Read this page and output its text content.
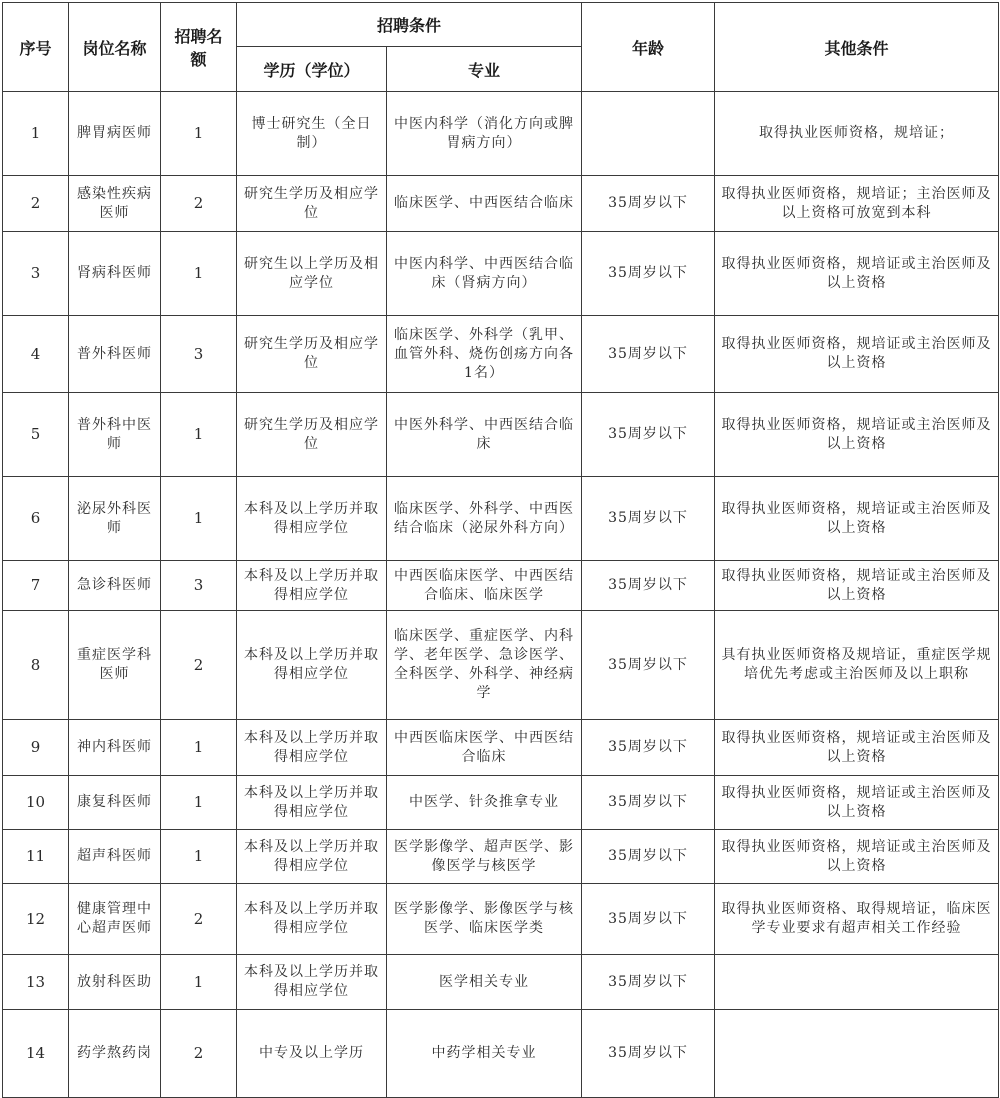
序号	岗位名称	招聘名额	招聘条件		年龄	其他条件
			学历（学位）	专业		
1	脾胃病医师	1	博士研究生（全日制）	中医内科学（消化方向或脾胃病方向）		取得执业医师资格，规培证；
2	感染性疾病医师	2	研究生学历及相应学位	临床医学、中西医结合临床	35周岁以下	取得执业医师资格，规培证；主治医师及以上资格可放宽到本科
3	肾病科医师	1	研究生以上学历及相应学位	中医内科学、中西医结合临床（肾病方向）	35周岁以下	取得执业医师资格，规培证或主治医师及以上资格
4	普外科医师	3	研究生学历及相应学位	临床医学、外科学（乳甲、血管外科、烧伤创疡方向各1名）	35周岁以下	取得执业医师资格，规培证或主治医师及以上资格
5	普外科中医师	1	研究生学历及相应学位	中医外科学、中西医结合临床	35周岁以下	取得执业医师资格，规培证或主治医师及以上资格
6	泌尿外科医师	1	本科及以上学历并取得相应学位	临床医学、外科学、中西医结合临床（泌尿外科方向）	35周岁以下	取得执业医师资格，规培证或主治医师及以上资格
7	急诊科医师	3	本科及以上学历并取得相应学位	中西医临床医学、中西医结合临床、临床医学	35周岁以下	取得执业医师资格，规培证或主治医师及以上资格
8	重症医学科医师	2	本科及以上学历并取得相应学位	临床医学、重症医学、内科学、老年医学、急诊医学、全科医学、外科学、神经病学	35周岁以下	具有执业医师资格及规培证，重症医学规培优先考虑或主治医师及以上职称
9	神内科医师	1	本科及以上学历并取得相应学位	中西医临床医学、中西医结合临床	35周岁以下	取得执业医师资格，规培证或主治医师及以上资格
10	康复科医师	1	本科及以上学历并取得相应学位	中医学、针灸推拿专业	35周岁以下	取得执业医师资格，规培证或主治医师及以上资格
11	超声科医师	1	本科及以上学历并取得相应学位	医学影像学、超声医学、影像医学与核医学	35周岁以下	取得执业医师资格，规培证或主治医师及以上资格
12	健康管理中心超声医师	2	本科及以上学历并取得相应学位	医学影像学、影像医学与核医学、临床医学类	35周岁以下	取得执业医师资格、取得规培证，临床医学专业要求有超声相关工作经验
13	放射科医助	1	本科及以上学历并取得相应学位	医学相关专业	35周岁以下	
14	药学熬药岗	2	中专及以上学历	中药学相关专业	35周岁以下	
